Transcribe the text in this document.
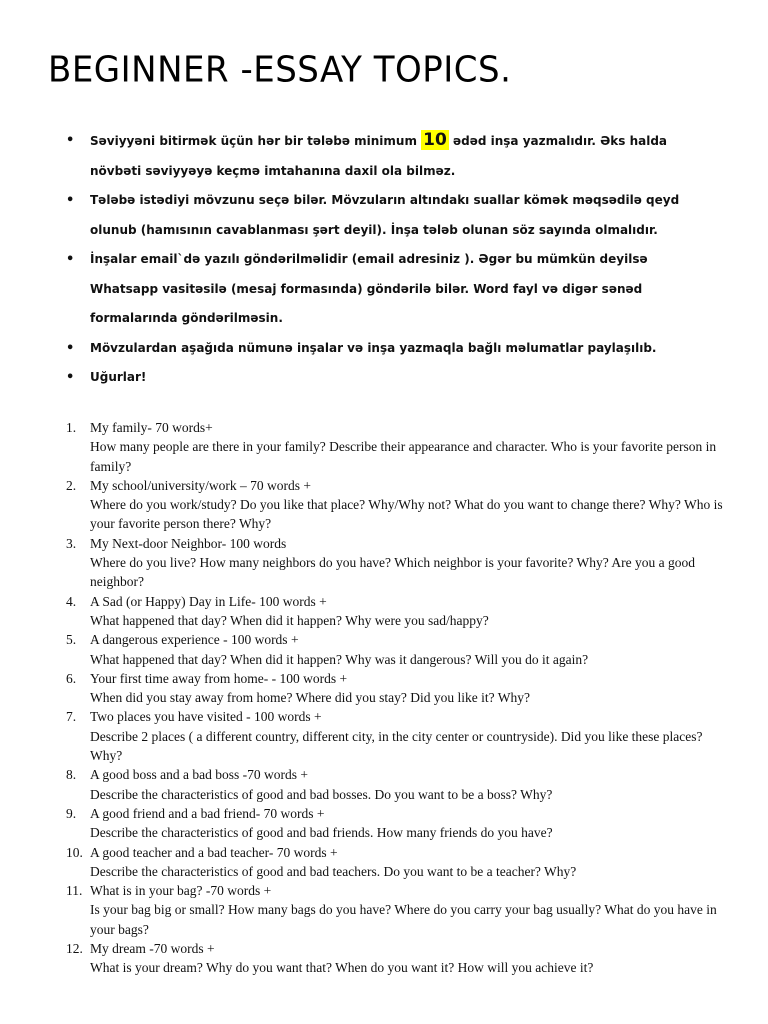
BEGINNER -ESSAY TOPICS.
• Səviyyəni bitirmək üçün hər bir tələbə minimum 10 ədəd inşa yazmalıdır. Əks halda növbəti səviyyəyə keçmə imtahanına daxil ola bilməz.
• Tələbə istədiyi mövzunu seçə bilər. Mövzuların altındakı suallar kömək məqsədilə qeyd olunub (hamısının cavablanması şərt deyil). İnşa tələb olunan söz sayında olmalıdır.
• İnşalar email`də yazılı göndərilməlidir (email adresiniz ). Əgər bu mümkün deyilsə Whatsapp vasitəsilə (mesaj formasında) göndərilə bilər. Word fayl və digər sənəd formalarında göndərilməsin.
• Mövzulardan aşağıda nümunə inşalar və inşa yazmaqla bağlı məlumatlar paylaşılıb.
• Uğurlar!
1. My family- 70 words+
How many people are there in your family? Describe their appearance and character. Who is your favorite person in family?
2. My school/university/work – 70 words +
Where do you work/study? Do you like that place? Why/Why not? What do you want to change there? Why? Who is your favorite person there? Why?
3. My Next-door Neighbor- 100 words
Where do you live? How many neighbors do you have? Which neighbor is your favorite? Why? Are you a good neighbor?
4. A Sad (or Happy) Day in Life- 100 words +
What happened that day? When did it happen? Why were you sad/happy?
5. A dangerous experience - 100 words +
What happened that day? When did it happen? Why was it dangerous? Will you do it again?
6. Your first time away from home- - 100 words +
When did you stay away from home? Where did you stay? Did you like it? Why?
7. Two places you have visited - 100 words +
Describe 2 places ( a different country, different city, in the city center or countryside). Did you like these places? Why?
8. A good boss and a bad boss -70 words +
Describe the characteristics of good and bad bosses. Do you want to be a boss? Why?
9. A good friend and a bad friend- 70 words +
Describe the characteristics of good and bad friends. How many friends do you have?
10. A good teacher and a bad teacher- 70 words +
Describe the characteristics of good and bad teachers. Do you want to be a teacher? Why?
11. What is in your bag? -70 words +
Is your bag big or small? How many bags do you have? Where do you carry your bag usually? What do you have in your bags?
12. My dream -70 words +
What is your dream? Why do you want that? When do you want it? How will you achieve it?
